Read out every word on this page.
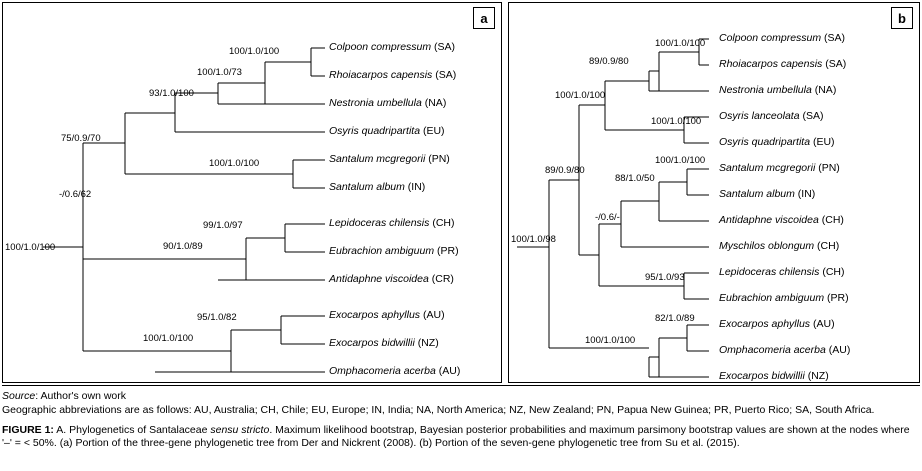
a
Colpoon compressum (SA)
Rhoiacarpos capensis (SA)
Nestronia umbellula (NA)
Osyris quadripartita (EU)
Santalum mcgregorii (PN)
Santalum album (IN)
Lepidoceras chilensis (CH)
Eubrachion ambiguum (PR)
Antidaphne viscoidea (CR)
Exocarpos aphyllus (AU)
Exocarpos bidwillii (NZ)
Omphacomeria acerba (AU)
100/1.0/100
100/1.0/73
93/1.0/100
75/0.9/70
100/1.0/100
-/0.6/62
99/1.0/97
90/1.0/89
95/1.0/82
100/1.0/100
100/1.0/100
b
Colpoon compressum (SA)
Rhoiacarpos capensis (SA)
Nestronia umbellula (NA)
Osyris lanceolata (SA)
Osyris quadripartita (EU)
Santalum mcgregorii (PN)
Santalum album (IN)
Antidaphne viscoidea (CH)
Myschilos oblongum (CH)
Lepidoceras chilensis (CH)
Eubrachion ambiguum (PR)
Exocarpos aphyllus (AU)
Omphacomeria acerba (AU)
Exocarpos bidwillii (NZ)
100/1.0/100
89/0.9/80
100/1.0/100
100/1.0/100
100/1.0/100
88/1.0/50
-/0.6/-
95/1.0/93
89/0.9/80
82/1.0/89
100/1.0/100
100/1.0/98
Source: Author's own work
Geographic abbreviations are as follows: AU, Australia; CH, Chile; EU, Europe; IN, India; NA, North America; NZ, New Zealand; PN, Papua New Guinea; PR, Puerto Rico; SA, South Africa.
FIGURE 1: A. Phylogenetics of Santalaceae sensu stricto. Maximum likelihood bootstrap, Bayesian posterior probabilities and maximum parsimony bootstrap values are shown at the nodes where '–' = < 50%. (a) Portion of the three-gene phylogenetic tree from Der and Nickrent (2008). (b) Portion of the seven-gene phylogenetic tree from Su et al. (2015).
